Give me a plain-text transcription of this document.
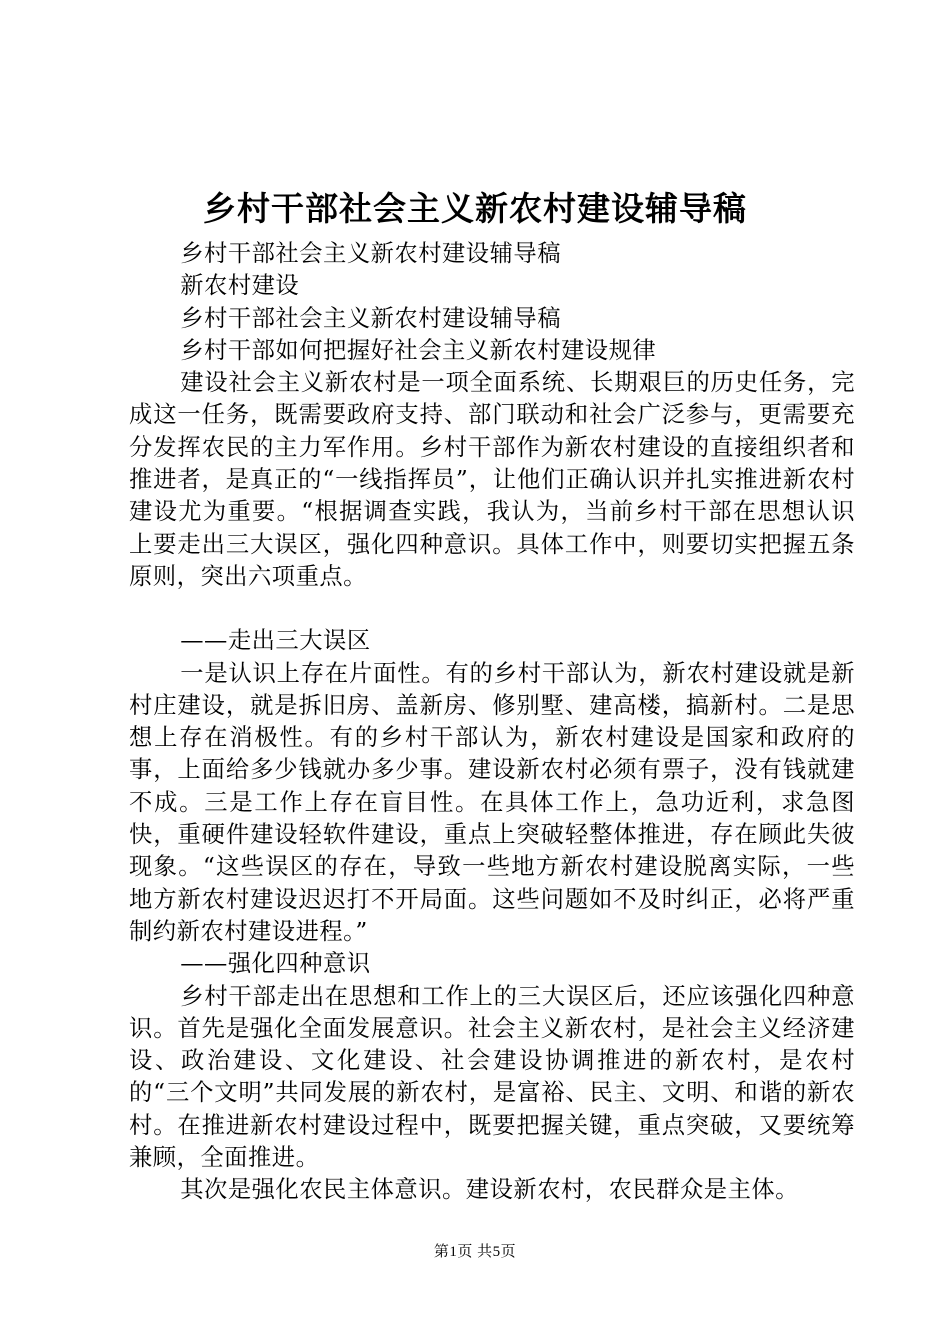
乡村干部社会主义新农村建设辅导稿

乡村干部社会主义新农村建设辅导稿

新农村建设

乡村干部社会主义新农村建设辅导稿

乡村干部如何把握好社会主义新农村建设规律

建设社会主义新农村是一项全面系统、长期艰巨的历史任务，完成这一任务，既需要政府支持、部门联动和社会广泛参与，更需要充分发挥农民的主力军作用。乡村干部作为新农村建设的直接组织者和推进者，是真正的“一线指挥员”，让他们正确认识并扎实推进新农村建设尤为重要。“根据调查实践，我认为，当前乡村干部在思想认识上要走出三大误区，强化四种意识。具体工作中，则要切实把握五条原则，突出六项重点。

——走出三大误区

一是认识上存在片面性。有的乡村干部认为，新农村建设就是新村庄建设，就是拆旧房、盖新房、修别墅、建高楼，搞新村。二是思想上存在消极性。有的乡村干部认为，新农村建设是国家和政府的事，上面给多少钱就办多少事。建设新农村必须有票子，没有钱就建不成。三是工作上存在盲目性。在具体工作上，急功近利，求急图快，重硬件建设轻软件建设，重点上突破轻整体推进，存在顾此失彼现象。“这些误区的存在，导致一些地方新农村建设脱离实际，一些地方新农村建设迟迟打不开局面。这些问题如不及时纠正，必将严重制约新农村建设进程。”

——强化四种意识

乡村干部走出在思想和工作上的三大误区后，还应该强化四种意识。首先是强化全面发展意识。社会主义新农村，是社会主义经济建设、政治建设、文化建设、社会建设协调推进的新农村，是农村的“三个文明”共同发展的新农村，是富裕、民主、文明、和谐的新农村。在推进新农村建设过程中，既要把握关键，重点突破，又要统筹兼顾，全面推进。

其次是强化农民主体意识。建设新农村，农民群众是主体。

第1页 共5页
